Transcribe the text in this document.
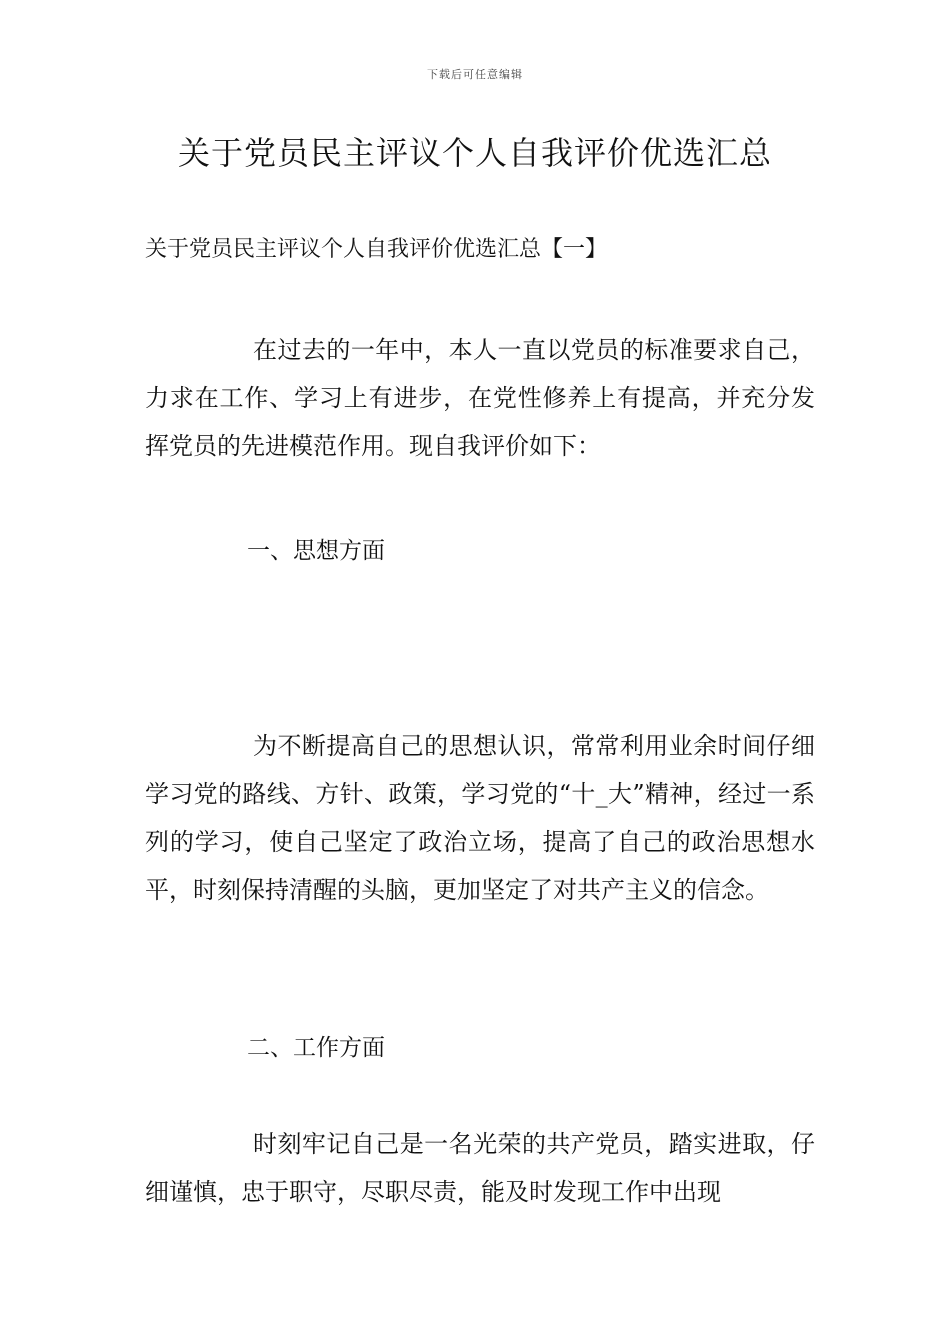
下载后可任意编辑
关于党员民主评议个人自我评价优选汇总

关于党员民主评议个人自我评价优选汇总【一】

在过去的一年中，本人一直以党员的标准要求自己，力求在工作、学习上有进步，在党性修养上有提高，并充分发挥党员的先进模范作用。现自我评价如下：

一、思想方面

为不断提高自己的思想认识，常常利用业余时间仔细学习党的路线、方针、政策，学习党的“十_大”精神，经过一系列的学习，使自己坚定了政治立场，提高了自己的政治思想水平，时刻保持清醒的头脑，更加坚定了对共产主义的信念。

二、工作方面

时刻牢记自己是一名光荣的共产党员，踏实进取，仔细谨慎，忠于职守，尽职尽责，能及时发现工作中出现
